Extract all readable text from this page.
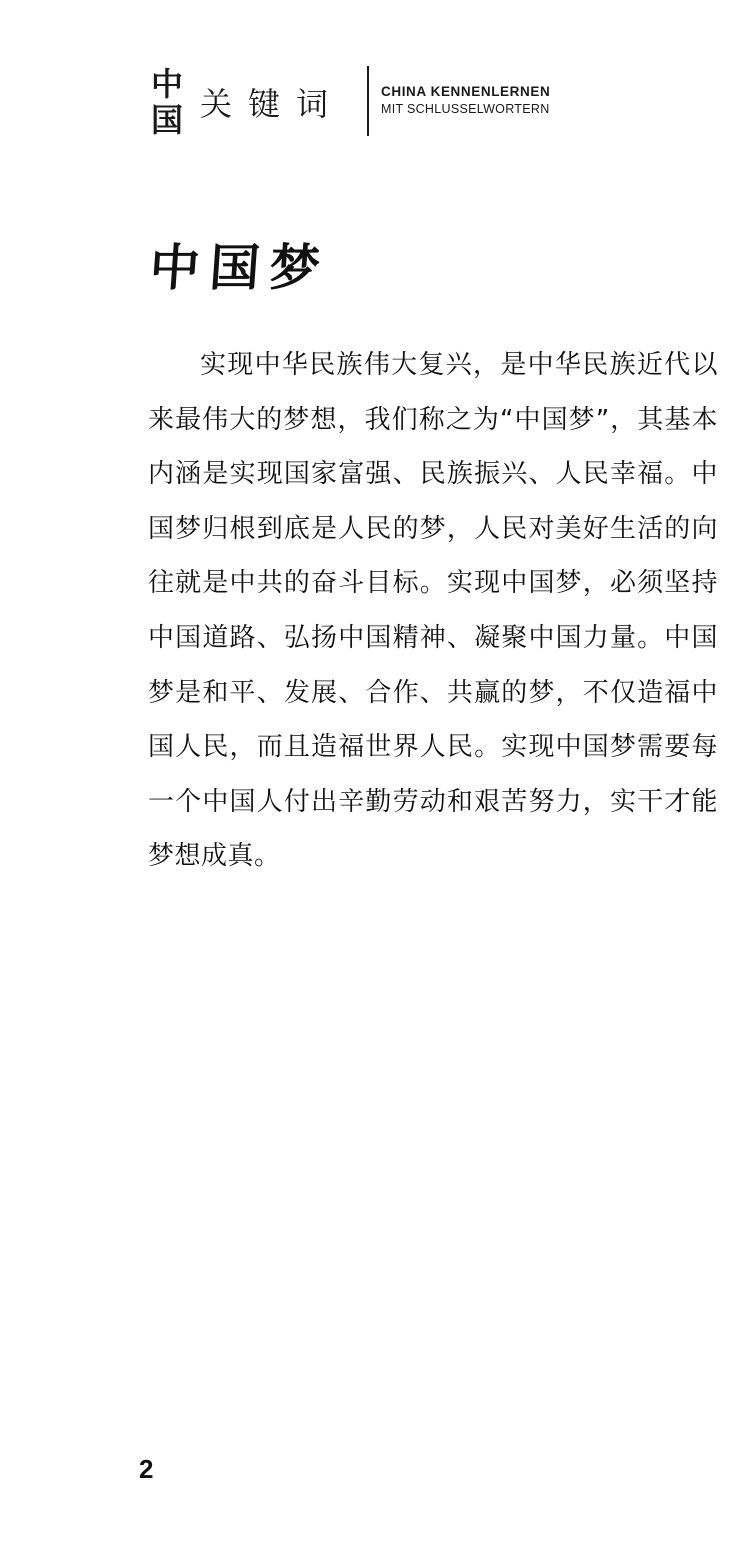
中
国 关键词	CHINA KENNENLERNEN
MIT SCHLUSSELWORTERN
中国梦

实现中华民族伟大复兴，是中华民族近代以来最伟大的梦想，我们称之为“中国梦”，其基本内涵是实现国家富强、民族振兴、人民幸福。中国梦归根到底是人民的梦，人民对美好生活的向往就是中共的奋斗目标。实现中国梦，必须坚持中国道路、弘扬中国精神、凝聚中国力量。中国梦是和平、发展、合作、共赢的梦，不仅造福中国人民，而且造福世界人民。实现中国梦需要每一个中国人付出辛勤劳动和艰苦努力，实干才能梦想成真。

2
